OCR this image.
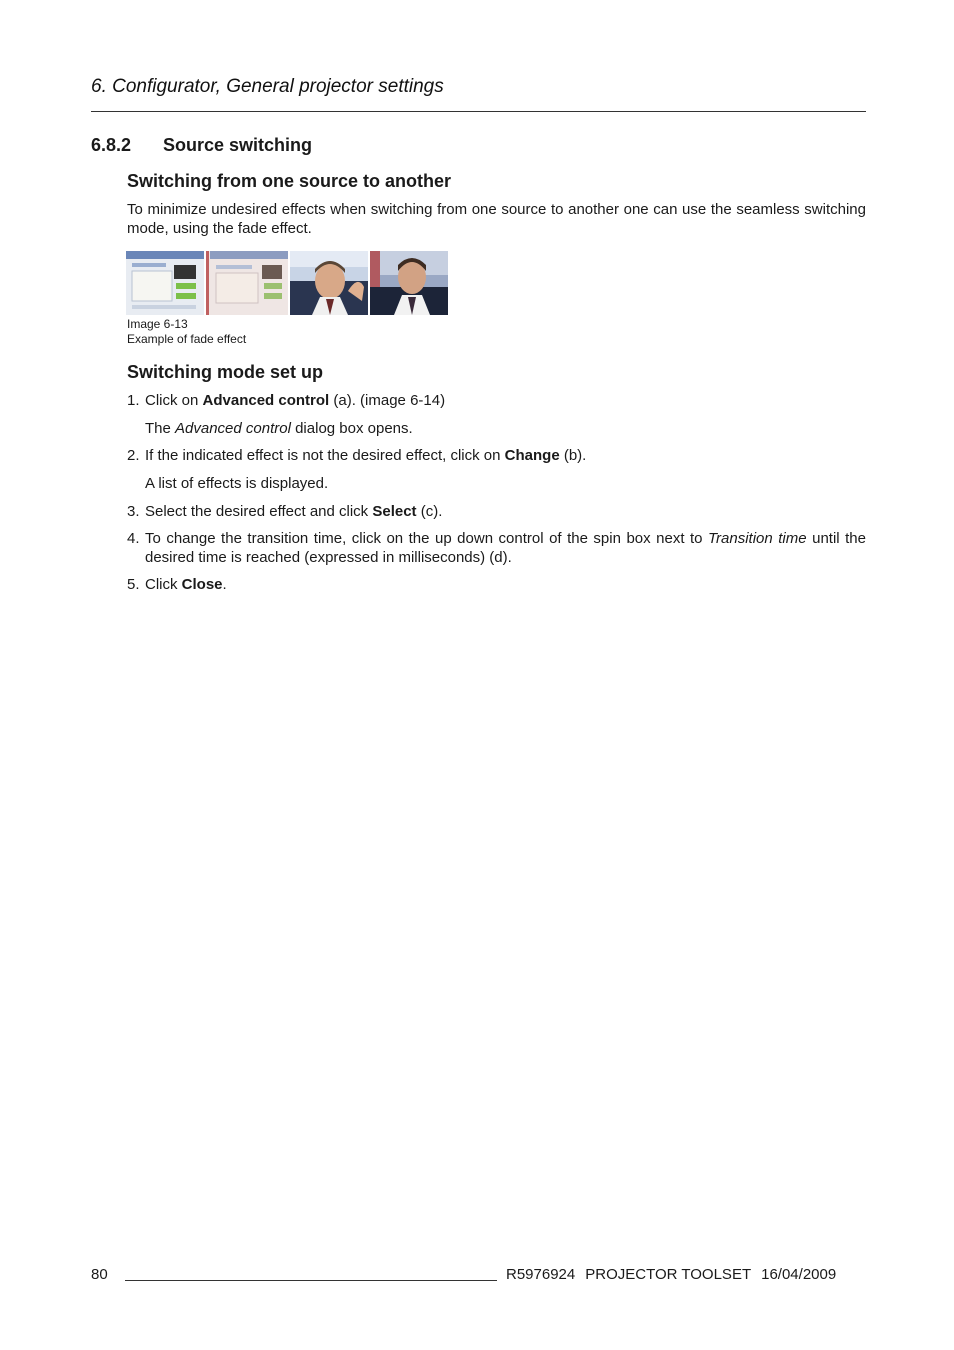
6. Configurator, General projector settings
6.8.2 Source switching
Switching from one source to another
To minimize undesired effects when switching from one source to another one can use the seamless switching mode, using the fade effect.
Image 6-13
Example of fade effect
Switching mode set up
1. Click on Advanced control (a). (image 6-14)
The Advanced control dialog box opens.
2. If the indicated effect is not the desired effect, click on Change (b).
A list of effects is displayed.
3. Select the desired effect and click Select (c).
4. To change the transition time, click on the up down control of the spin box next to Transition time until the desired time is reached (expressed in milliseconds) (d).
5. Click Close.
80	R5976924 PROJECTOR TOOLSET 16/04/2009
